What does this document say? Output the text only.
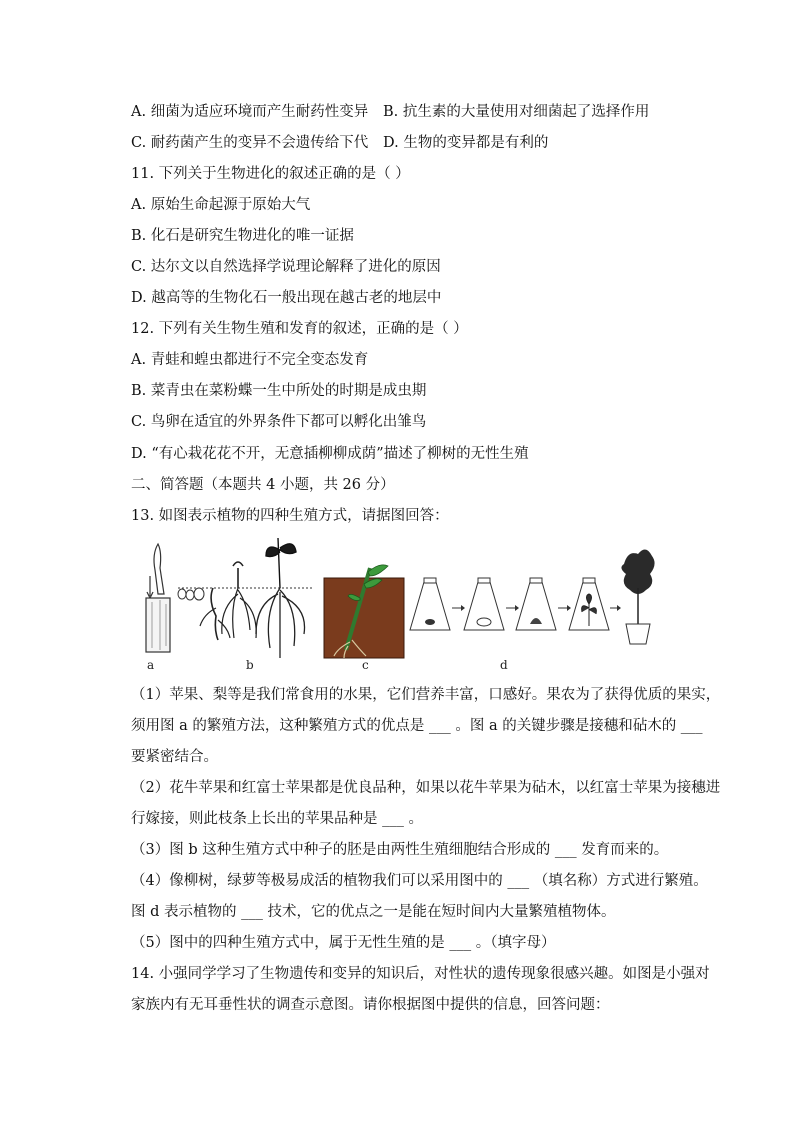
A. 细菌为适应环境而产生耐药性变异 B. 抗生素的大量使用对细菌起了选择作用
C. 耐药菌产生的变异不会遗传给下代 D. 生物的变异都是有利的
11. 下列关于生物进化的叙述正确的是（ ）
A. 原始生命起源于原始大气
B. 化石是研究生物进化的唯一证据
C. 达尔文以自然选择学说理论解释了进化的原因
D. 越高等的生物化石一般出现在越古老的地层中
12. 下列有关生物生殖和发育的叙述，正确的是（ ）
A. 青蛙和蝗虫都进行不完全变态发育
B. 菜青虫在菜粉蝶一生中所处的时期是成虫期
C. 鸟卵在适宜的外界条件下都可以孵化出雏鸟
D. “有心栽花花不开，无意插柳柳成荫”描述了柳树的无性生殖
二、简答题（本题共 4 小题，共 26 分）
13. 如图表示植物的四种生殖方式，请据图回答：
a	b	c	d
（1）苹果、梨等是我们常食用的水果，它们营养丰富，口感好。果农为了获得优质的果实，
须用图 a 的繁殖方法，这种繁殖方式的优点是 ___ 。图 a 的关键步骤是接穗和砧木的 ___
要紧密结合。
（2）花牛苹果和红富士苹果都是优良品种，如果以花牛苹果为砧木，以红富士苹果为接穗进
行嫁接，则此枝条上长出的苹果品种是 ___ 。
（3）图 b 这种生殖方式中种子的胚是由两性生殖细胞结合形成的 ___ 发育而来的。
（4）像柳树，绿萝等极易成活的植物我们可以采用图中的 ___ （填名称）方式进行繁殖。
图 d 表示植物的 ___ 技术，它的优点之一是能在短时间内大量繁殖植物体。
（5）图中的四种生殖方式中，属于无性生殖的是 ___ 。（填字母）
14. 小强同学学习了生物遗传和变异的知识后，对性状的遗传现象很感兴趣。如图是小强对
家族内有无耳垂性状的调查示意图。请你根据图中提供的信息，回答问题：
